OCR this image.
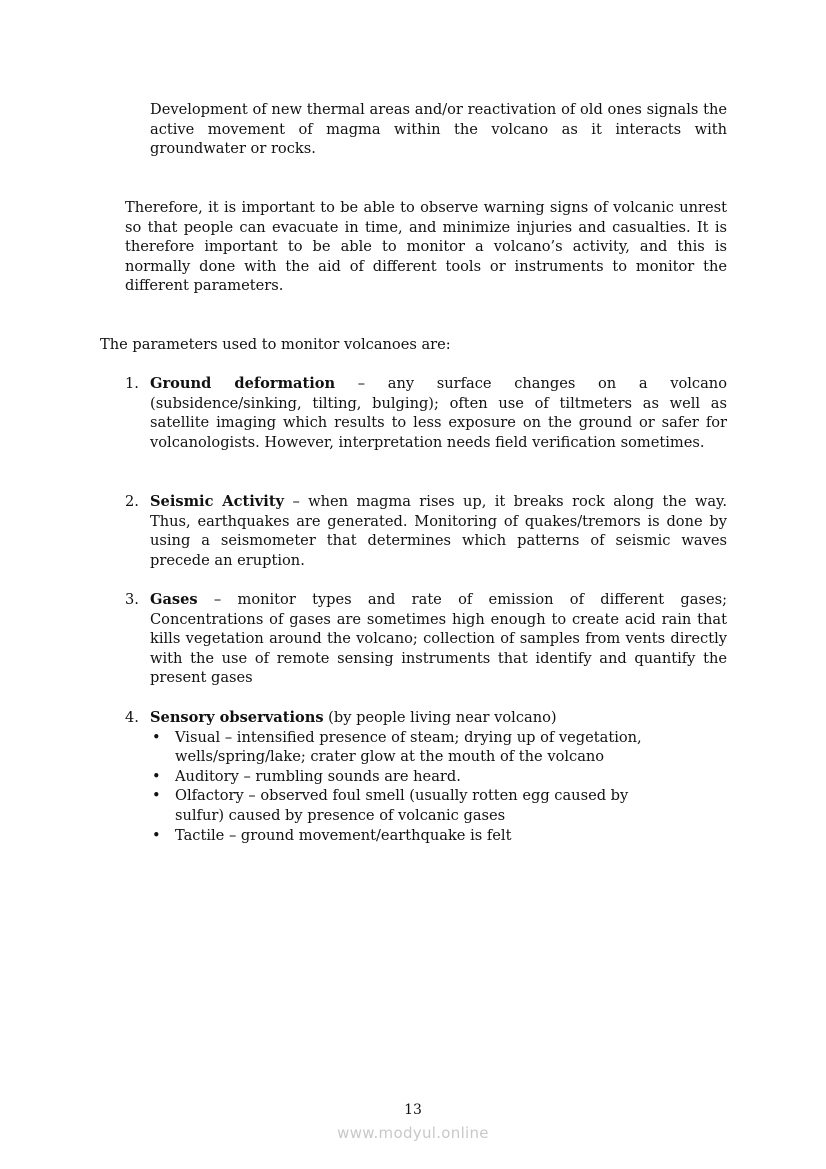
Development of new thermal areas and/or reactivation of old ones signals the active movement of magma within the volcano as it interacts with groundwater or rocks.
Therefore, it is important to be able to observe warning signs of volcanic unrest so that people can evacuate in time, and minimize injuries and casualties. It is therefore important to be able to monitor a volcano’s activity, and this is normally done with the aid of different tools or instruments to monitor the different parameters.
The parameters used to monitor volcanoes are:
1. Ground deformation – any surface changes on a volcano (subsidence/sinking, tilting, bulging); often use of tiltmeters as well as satellite imaging which results to less exposure on the ground or safer for volcanologists. However, interpretation needs field verification sometimes.
2. Seismic Activity – when magma rises up, it breaks rock along the way. Thus, earthquakes are generated. Monitoring of quakes/tremors is done by using a seismometer that determines which patterns of seismic waves precede an eruption.
3. Gases – monitor types and rate of emission of different gases; Concentrations of gases are sometimes high enough to create acid rain that kills vegetation around the volcano; collection of samples from vents directly with the use of remote sensing instruments that identify and quantify the present gases
4. Sensory observations (by people living near volcano)
• Visual – intensified presence of steam; drying up of vegetation, wells/spring/lake; crater glow at the mouth of the volcano
• Auditory – rumbling sounds are heard.
• Olfactory – observed foul smell (usually rotten egg caused by sulfur) caused by presence of volcanic gases
• Tactile – ground movement/earthquake is felt
13
www.modyul.online
